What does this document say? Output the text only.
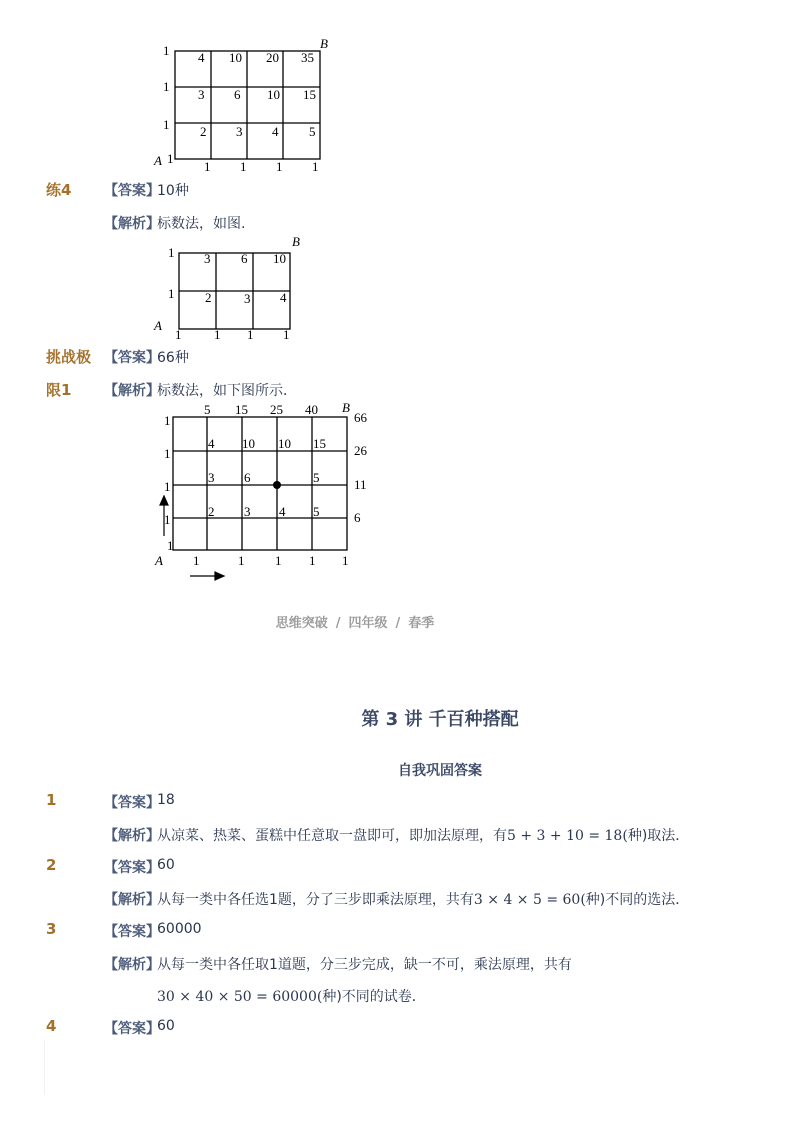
B
A
1
1
1
1
1 1 1 1
4 10 20 35
3 6 10 15
2 3 4 5
练4 【答案】
10种
【解析】
标数法，如图.
B
A
1
1
1	1 1 1
3 6 10
2	3 4
挑战极
限1
【答案】
66种
【解析】
标数法，如下图所示．
B
A
5 15 25 40
66
26
11
6
1
1
1
1
1
1	1 1 1 1
4 10 10 15
3 6	5
2 3 4 5
思维突破 / 四年级 / 春季
第 3 讲 千百种搭配
自我巩固答案
1	【答案】
18
【解析】
从凉菜、热菜、蛋糕中任意取一盘即可，即加法原理，有5 + 3 + 10 = 18(种)取法．
2	【答案】
60
【解析】
从每一类中各任选1题，分了三步即乘法原理，共有3 × 4 × 5 = 60(种)不同的选法．
3	【答案】
60000
【解析】
从每一类中各任取1道题，分三步完成，缺一不可，乘法原理，共有
30 × 40 × 50 = 60000(种)不同的试卷．
4	【答案】
60
